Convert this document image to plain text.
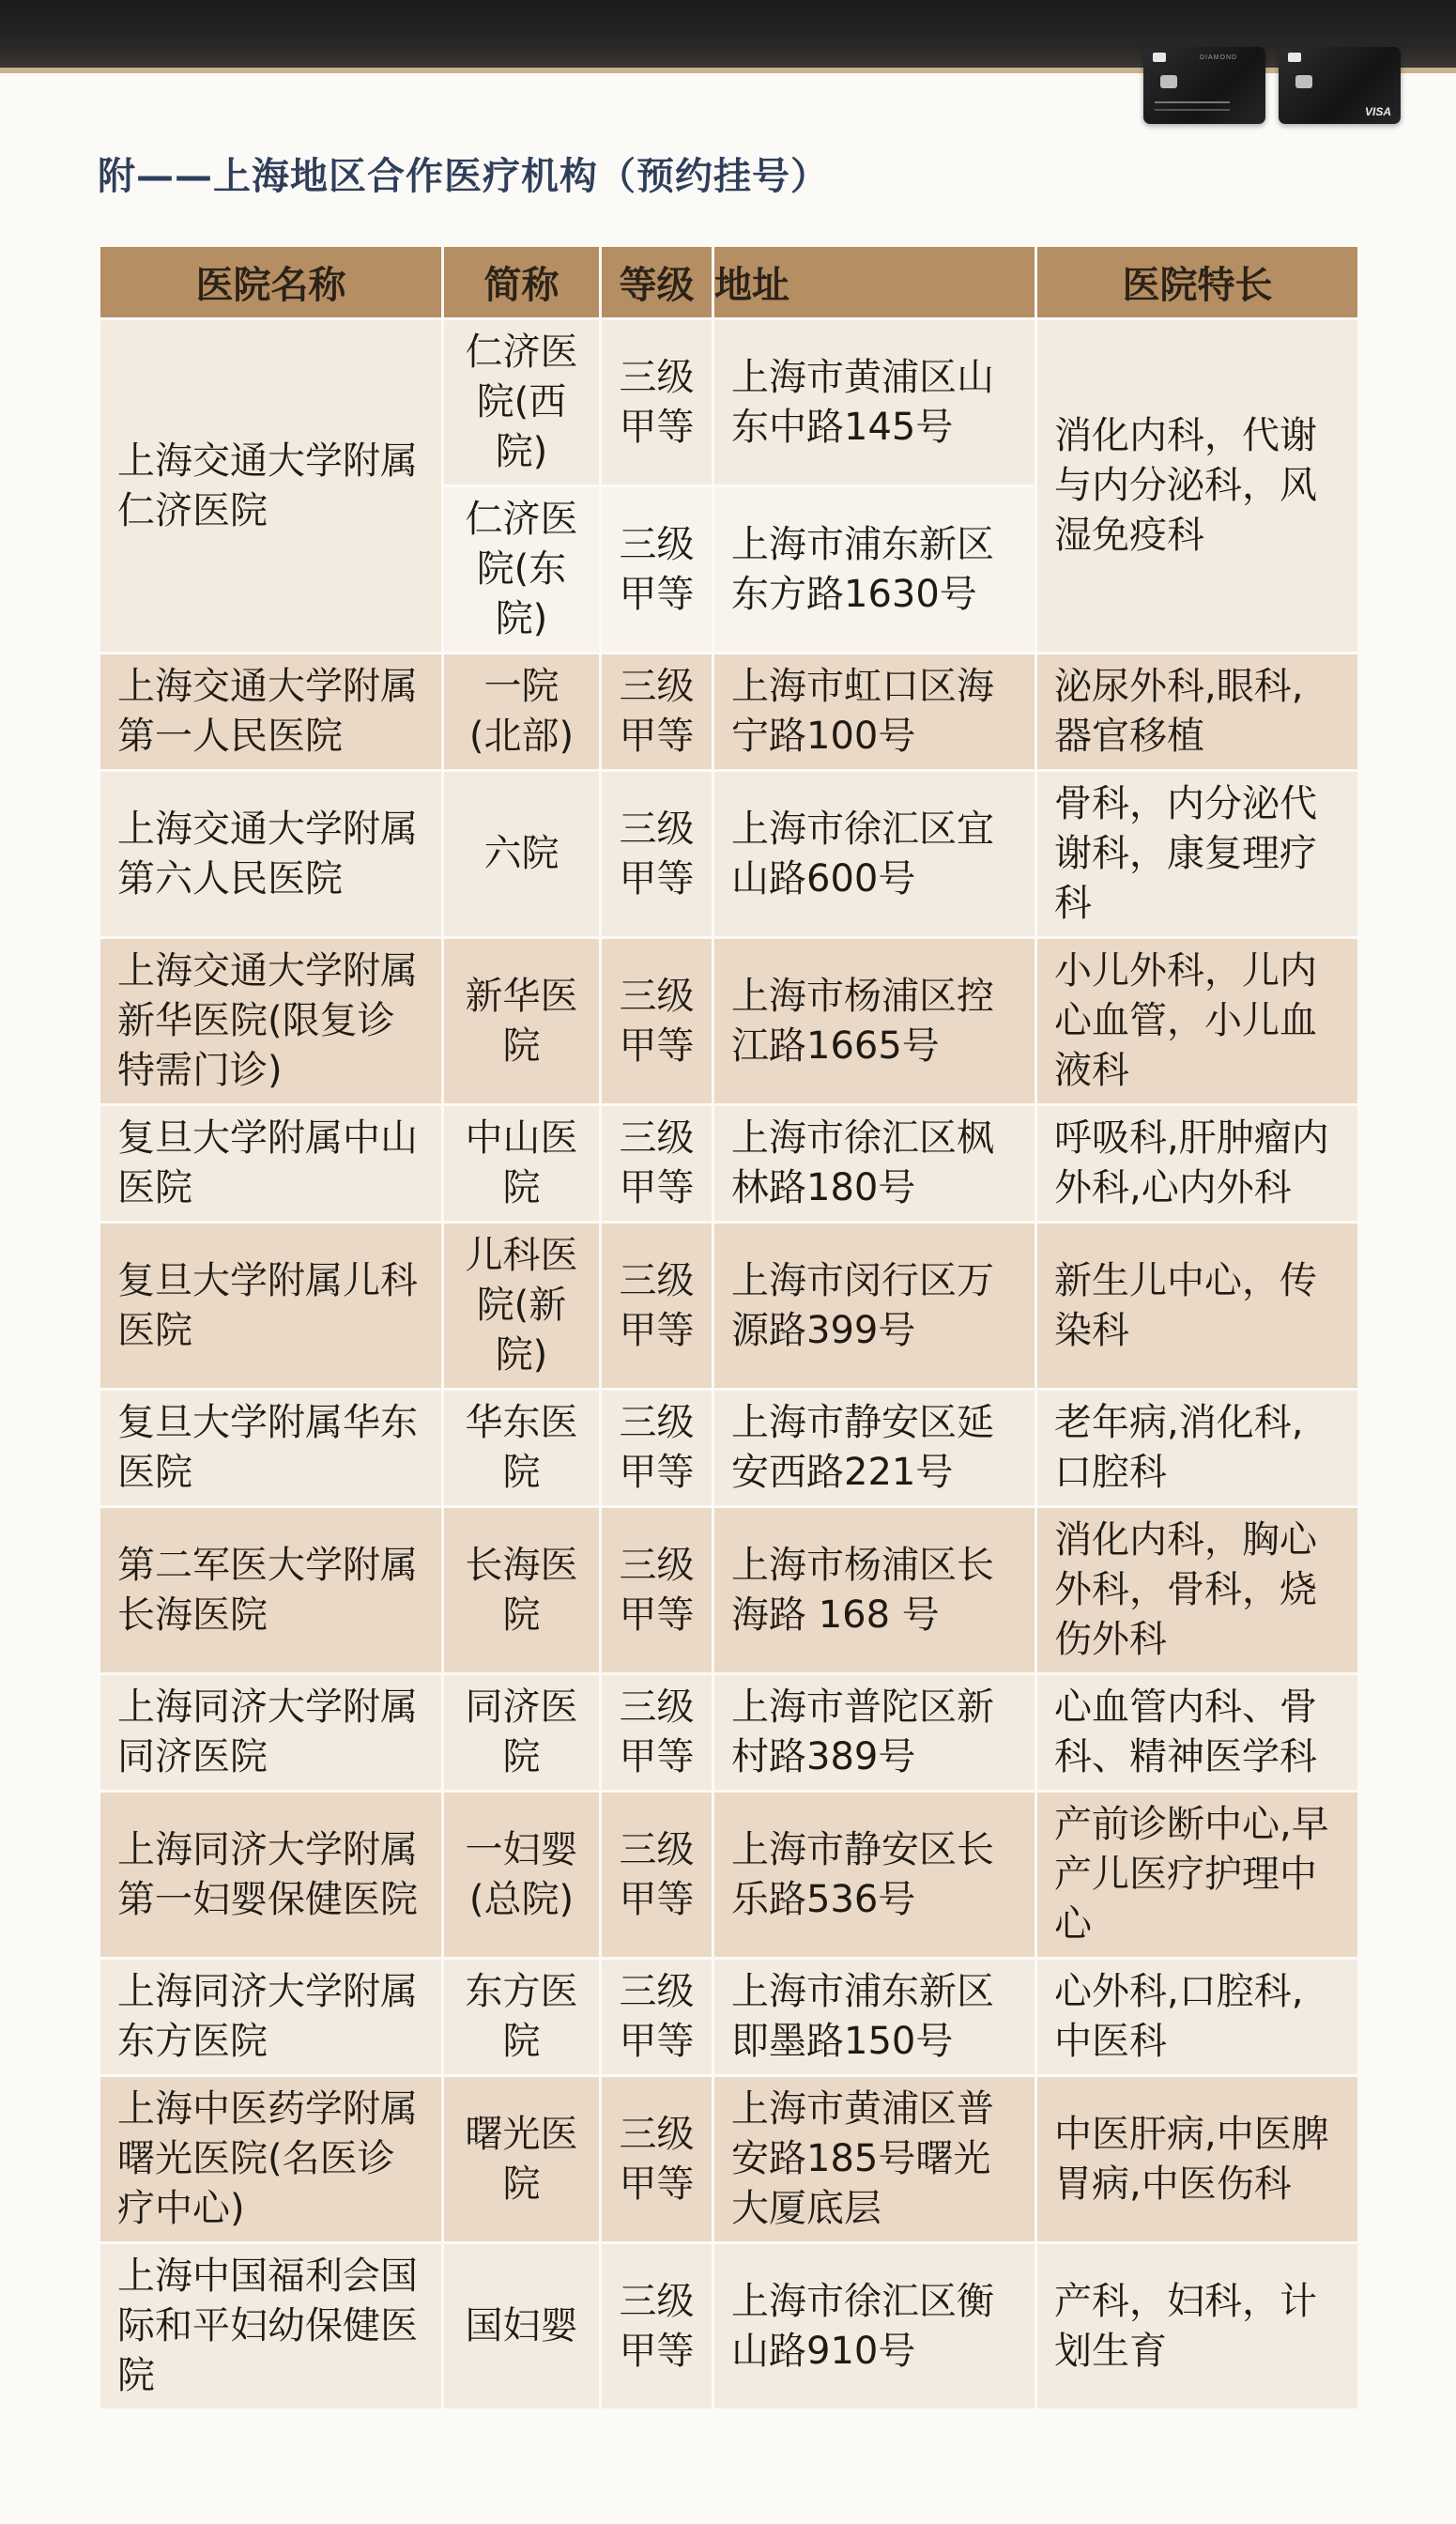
DIAMOND
VISA
附——上海地区合作医疗机构（预约挂号）
医院名称	简称	等级	地址	医院特长
上海交通大学附属仁济医院	仁济医院(西院)	三级甲等	上海市黄浦区山东中路145号	消化内科，代谢与内分泌科，风湿免疫科
	仁济医院(东院)	三级甲等	上海市浦东新区东方路1630号	
上海交通大学附属第一人民医院	一院(北部)	三级甲等	上海市虹口区海宁路100号	泌尿外科,眼科,器官移植
上海交通大学附属第六人民医院	六院	三级甲等	上海市徐汇区宜山路600号	骨科，内分泌代谢科，康复理疗科
上海交通大学附属新华医院(限复诊特需门诊)	新华医院	三级甲等	上海市杨浦区控江路1665号	小儿外科，儿内心血管，小儿血液科
复旦大学附属中山医院	中山医院	三级甲等	上海市徐汇区枫林路180号	呼吸科,肝肿瘤内外科,心内外科
复旦大学附属儿科医院	儿科医院(新院)	三级甲等	上海市闵行区万源路399号	新生儿中心，传染科
复旦大学附属华东医院	华东医院	三级甲等	上海市静安区延安西路221号	老年病,消化科,口腔科
第二军医大学附属长海医院	长海医院	三级甲等	上海市杨浦区长海路 168 号	消化内科，胸心外科，骨科，烧伤外科
上海同济大学附属同济医院	同济医院	三级甲等	上海市普陀区新村路389号	心血管内科、骨科、精神医学科
上海同济大学附属第一妇婴保健医院	一妇婴(总院)	三级甲等	上海市静安区长乐路536号	产前诊断中心,早产儿医疗护理中心
上海同济大学附属东方医院	东方医院	三级甲等	上海市浦东新区即墨路150号	心外科,口腔科,中医科
上海中医药学附属曙光医院(名医诊疗中心)	曙光医院	三级甲等	上海市黄浦区普安路185号曙光大厦底层	中医肝病,中医脾胃病,中医伤科
上海中国福利会国际和平妇幼保健医院	国妇婴	三级甲等	上海市徐汇区衡山路910号	产科，妇科，计划生育
